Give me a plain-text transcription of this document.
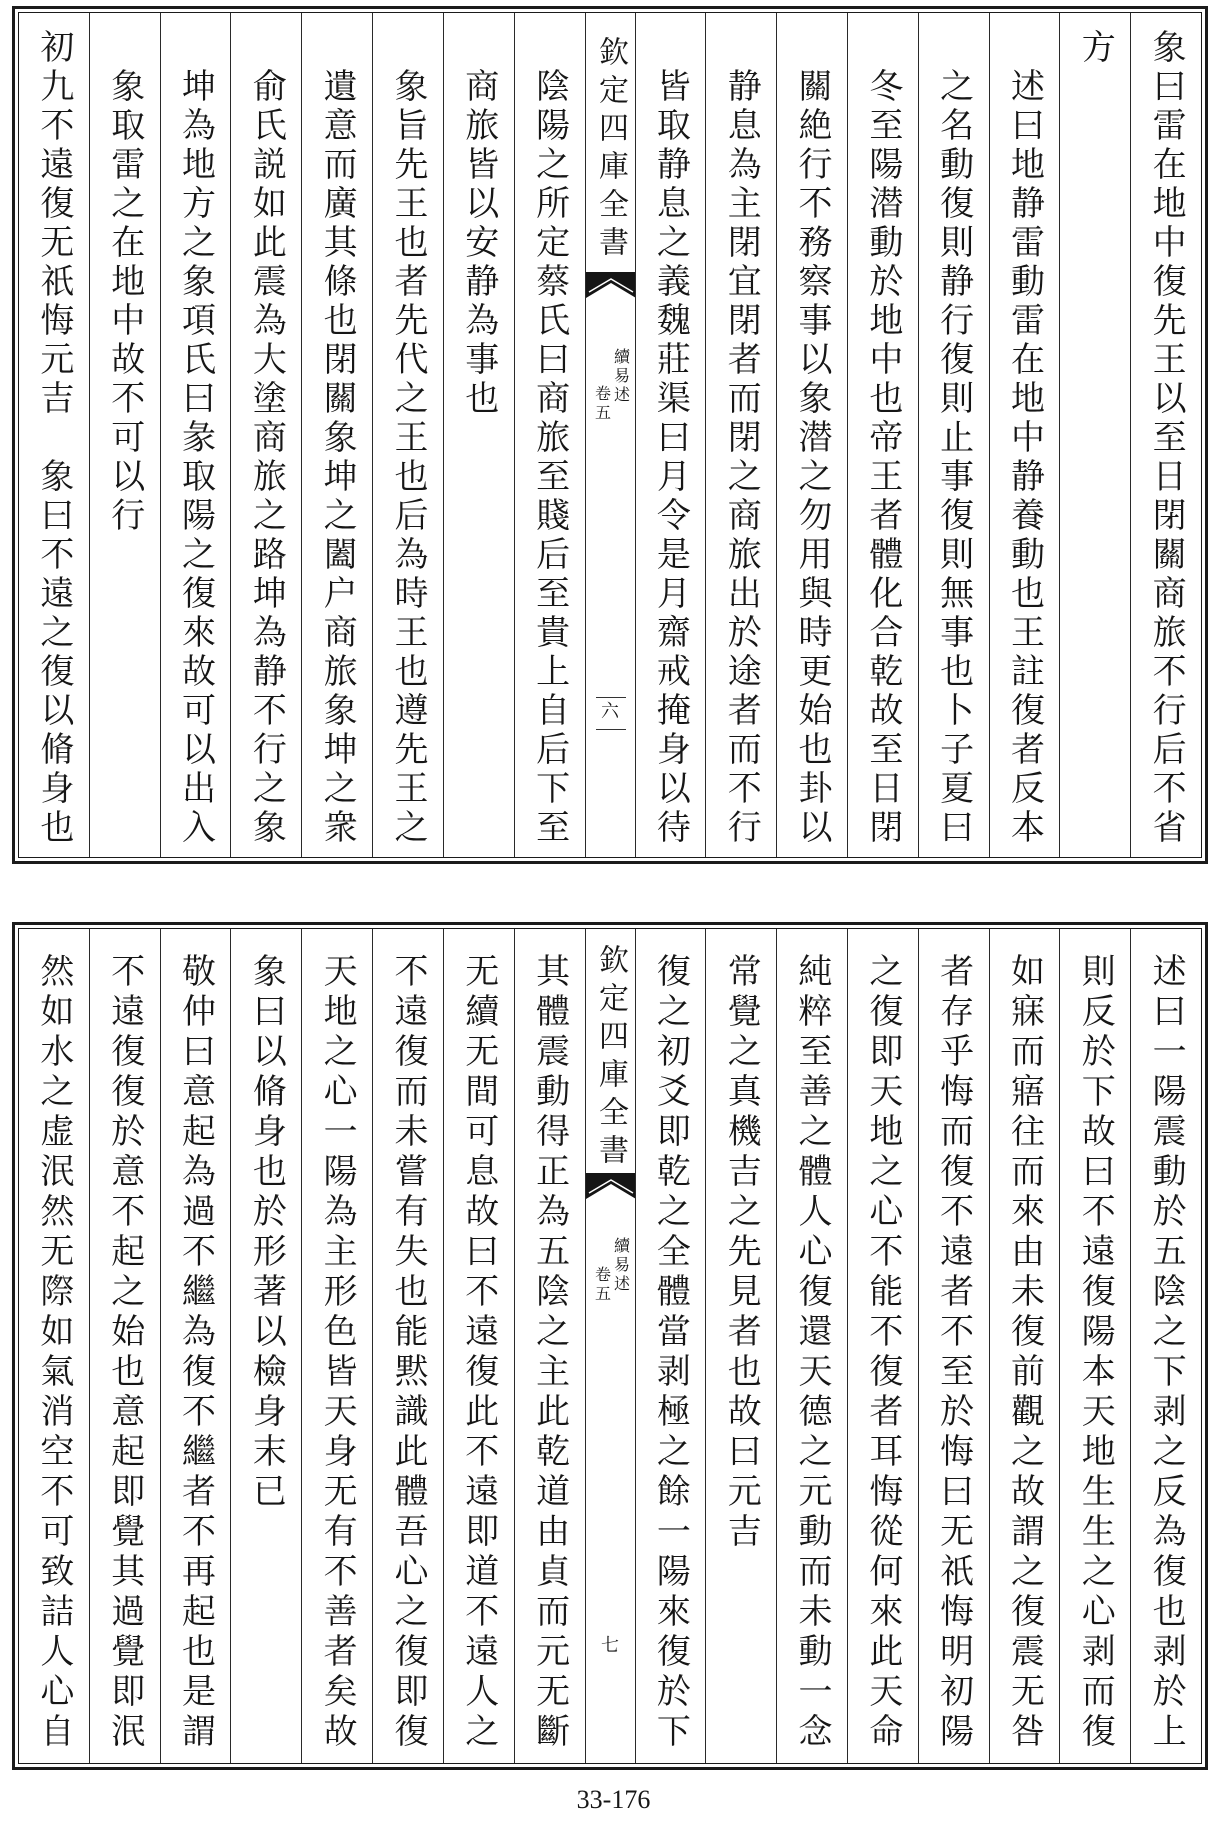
象曰雷在地中復先王以至日閉關商旅不行后不省
方
述曰地静雷動雷在地中静養動也王註復者反本
之名動復則静行復則止事復則無事也卜子夏曰
冬至陽潜動於地中也帝王者體化合乾故至日閉
關絶行不務察事以象潜之勿用與時更始也卦以
静息為主閉宜閉者而閉之商旅出於途者而不行
皆取静息之義魏莊渠曰月令是月齋戒掩身以待
欽定四庫全書
續易述
卷五
六
陰陽之所定蔡氏曰商旅至賤后至貴上自后下至
商旅皆以安静為事也
象旨先王也者先代之王也后為時王也遵先王之
遺意而廣其條也閉關象坤之闔户商旅象坤之衆
俞氏説如此震為大塗商旅之路坤為静不行之象
坤為地方之象項氏曰彖取陽之復來故可以出入
象取雷之在地中故不可以行
初九不遠復无祇悔元吉　象曰不遠之復以脩身也
述曰一陽震動於五陰之下剥之反為復也剥於上
則反於下故曰不遠復陽本天地生生之心剥而復
如寐而寤往而來由未復前觀之故謂之復震无咎
者存乎悔而復不遠者不至於悔曰无祇悔明初陽
之復即天地之心不能不復者耳悔從何來此天命
純粹至善之體人心復還天德之元動而未動一念
常覺之真機吉之先見者也故曰元吉
復之初爻即乾之全體當剥極之餘一陽來復於下
欽定四庫全書
續易述
卷五
七
其體震動得正為五陰之主此乾道由貞而元无斷
无續无間可息故曰不遠復此不遠即道不遠人之
不遠復而未嘗有失也能黙識此體吾心之復即復
天地之心一陽為主形色皆天身无有不善者矣故
象曰以脩身也於形著以檢身末已
敬仲曰意起為過不繼為復不繼者不再起也是謂
不遠復復於意不起之始也意起即覺其過覺即泯
然如水之虚泯然无際如氣消空不可致詰人心自
33-176
